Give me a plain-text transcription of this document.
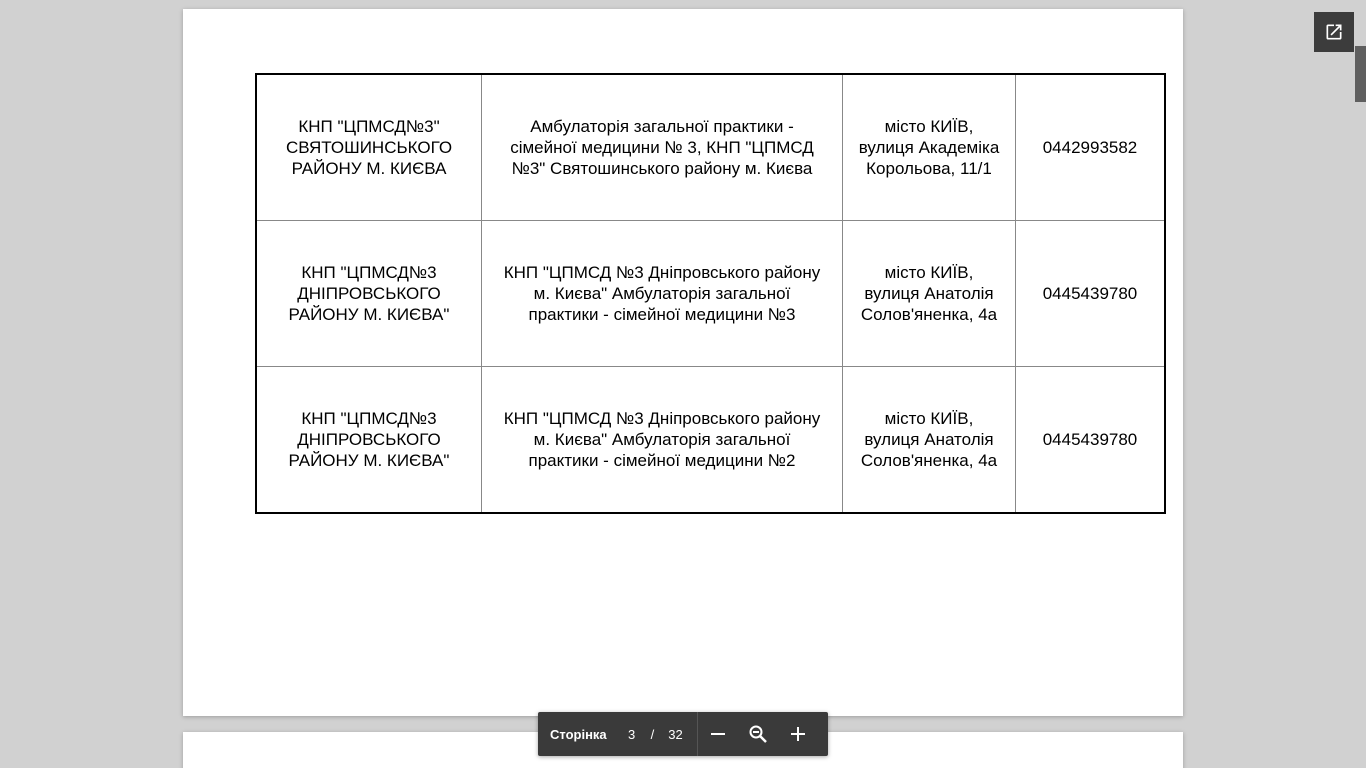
КНП "ЦПМСД№3"
СВЯТОШИНСЬКОГО
РАЙОНУ М. КИЄВА	Амбулаторія загальної практики -
сімейної медицини № 3, КНП "ЦПМСД
№3" Святошинського району м. Києва	місто КИЇВ,
вулиця Академіка
Корольова, 11/1	0442993582
КНП "ЦПМСД№3
ДНІПРОВСЬКОГО
РАЙОНУ М. КИЄВА"	КНП "ЦПМСД №3 Дніпровського району
м. Києва" Амбулаторія загальної
практики - сімейної медицини №3	місто КИЇВ,
вулиця Анатолія
Солов'яненка, 4а	0445439780
КНП "ЦПМСД№3
ДНІПРОВСЬКОГО
РАЙОНУ М. КИЄВА"	КНП "ЦПМСД №3 Дніпровського району
м. Києва" Амбулаторія загальної
практики - сімейної медицини №2	місто КИЇВ,
вулиця Анатолія
Солов'яненка, 4а	0445439780
Сторінка
3	/ 32
